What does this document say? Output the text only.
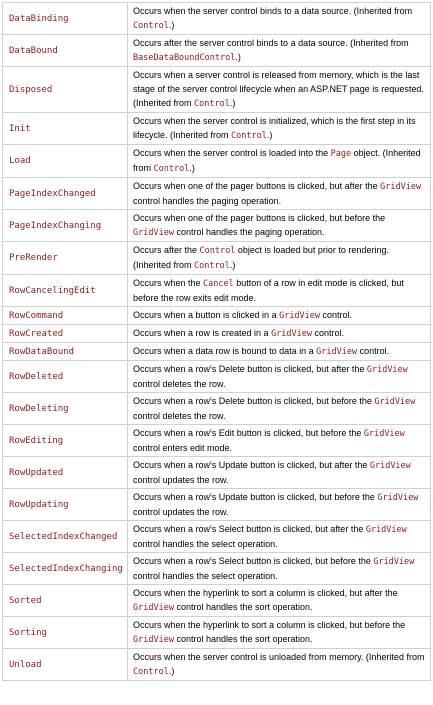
DataBinding	Occurs when the server control binds to a data source. (Inherited from Control.)
DataBound	Occurs after the server control binds to a data source. (Inherited from BaseDataBoundControl.)
Disposed	Occurs when a server control is released from memory, which is the last stage of the server control lifecycle when an ASP.NET page is requested. (Inherited from Control.)
Init	Occurs when the server control is initialized, which is the first step in its lifecycle. (Inherited from Control.)
Load	Occurs when the server control is loaded into the Page object. (Inherited from Control.)
PageIndexChanged	Occurs when one of the pager buttons is clicked, but after the GridView control handles the paging operation.
PageIndexChanging	Occurs when one of the pager buttons is clicked, but before the GridView control handles the paging operation.
PreRender	Occurs after the Control object is loaded but prior to rendering. (Inherited from Control.)
RowCancelingEdit	Occurs when the Cancel button of a row in edit mode is clicked, but before the row exits edit mode.
RowCommand	Occurs when a button is clicked in a GridView control.
RowCreated	Occurs when a row is created in a GridView control.
RowDataBound	Occurs when a data row is bound to data in a GridView control.
RowDeleted	Occurs when a row's Delete button is clicked, but after the GridView control deletes the row.
RowDeleting	Occurs when a row's Delete button is clicked, but before the GridView control deletes the row.
RowEditing	Occurs when a row's Edit button is clicked, but before the GridView control enters edit mode.
RowUpdated	Occurs when a row's Update button is clicked, but after the GridView control updates the row.
RowUpdating	Occurs when a row's Update button is clicked, but before the GridView control updates the row.
SelectedIndexChanged	Occurs when a row's Select button is clicked, but after the GridView control handles the select operation.
SelectedIndexChanging	Occurs when a row's Select button is clicked, but before the GridView control handles the select operation.
Sorted	Occurs when the hyperlink to sort a column is clicked, but after the GridView control handles the sort operation.
Sorting	Occurs when the hyperlink to sort a column is clicked, but before the GridView control handles the sort operation.
Unload	Occurs when the server control is unloaded from memory. (Inherited from Control.)
